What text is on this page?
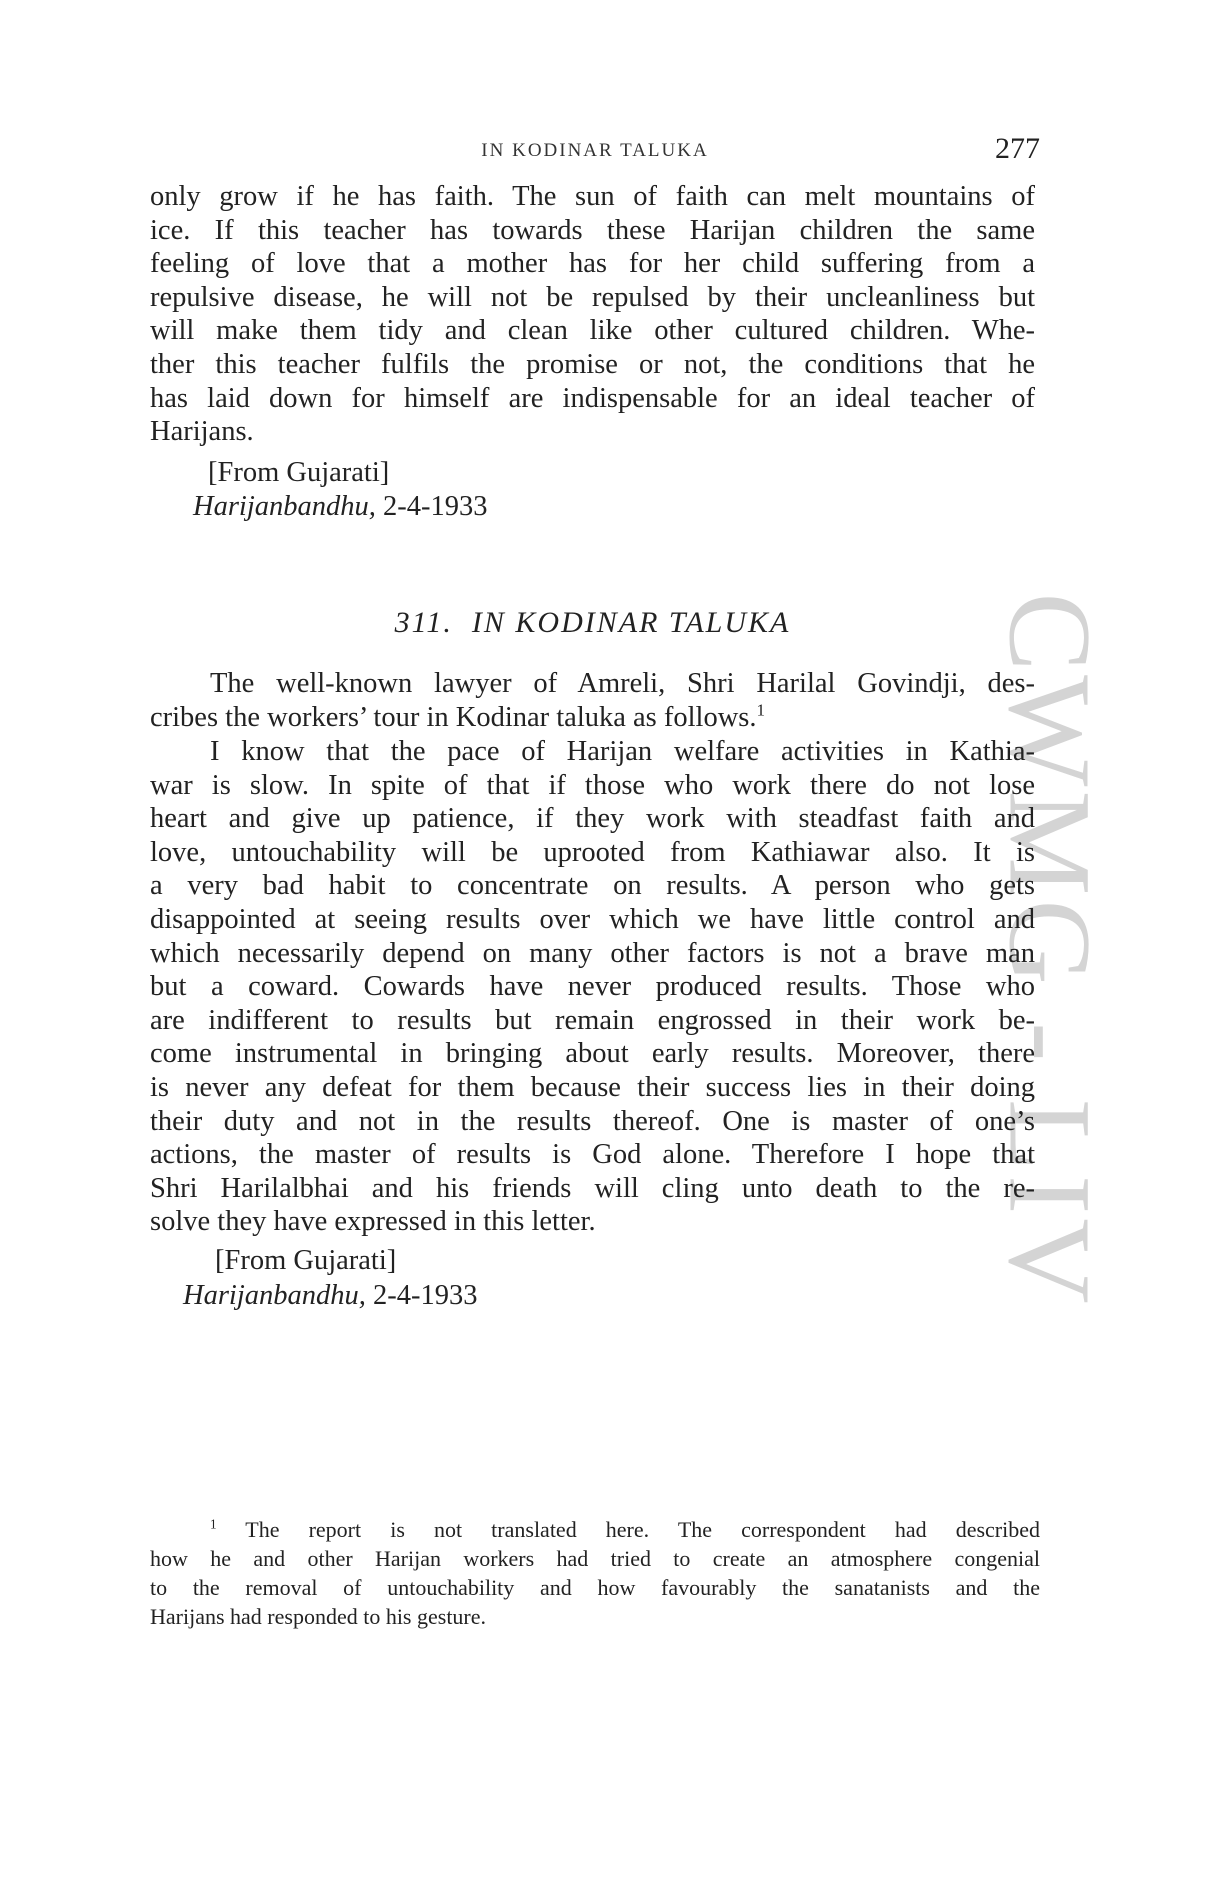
CWMG - LIV
IN KODINAR TALUKA	277
only grow if he has faith. The sun of faith can melt mountains of
ice. If this teacher has towards these Harijan children the same
feeling of love that a mother has for her child suffering from a
repulsive disease, he will not be repulsed by their uncleanliness but
will make them tidy and clean like other cultured children. Whe-
ther this teacher fulfils the promise or not, the conditions that he
has laid down for himself are indispensable for an ideal teacher of
Harijans.
[From Gujarati]
Harijanbandhu, 2-4-1933
311. IN KODINAR TALUKA
The well-known lawyer of Amreli, Shri Harilal Govindji, des-
cribes the workers’ tour in Kodinar taluka as follows.$^1$
I know that the pace of Harijan welfare activities in Kathia-
war is slow. In spite of that if those who work there do not lose
heart and give up patience, if they work with steadfast faith and
love, untouchability will be uprooted from Kathiawar also. It is
a very bad habit to concentrate on results. A person who gets
disappointed at seeing results over which we have little control and
which necessarily depend on many other factors is not a brave man
but a coward. Cowards have never produced results. Those who
are indifferent to results but remain engrossed in their work be-
come instrumental in bringing about early results. Moreover, there
is never any defeat for them because their success lies in their doing
their duty and not in the results thereof. One is master of one’s
actions, the master of results is God alone. Therefore I hope that
Shri Harilalbhai and his friends will cling unto death to the re-
solve they have expressed in this letter.
[From Gujarati]
Harijanbandhu, 2-4-1933
$^1$ The report is not translated here. The correspondent had described
how he and other Harijan workers had tried to create an atmosphere congenial
to the removal of untouchability and how favourably the sanatanists and the
Harijans had responded to his gesture.
